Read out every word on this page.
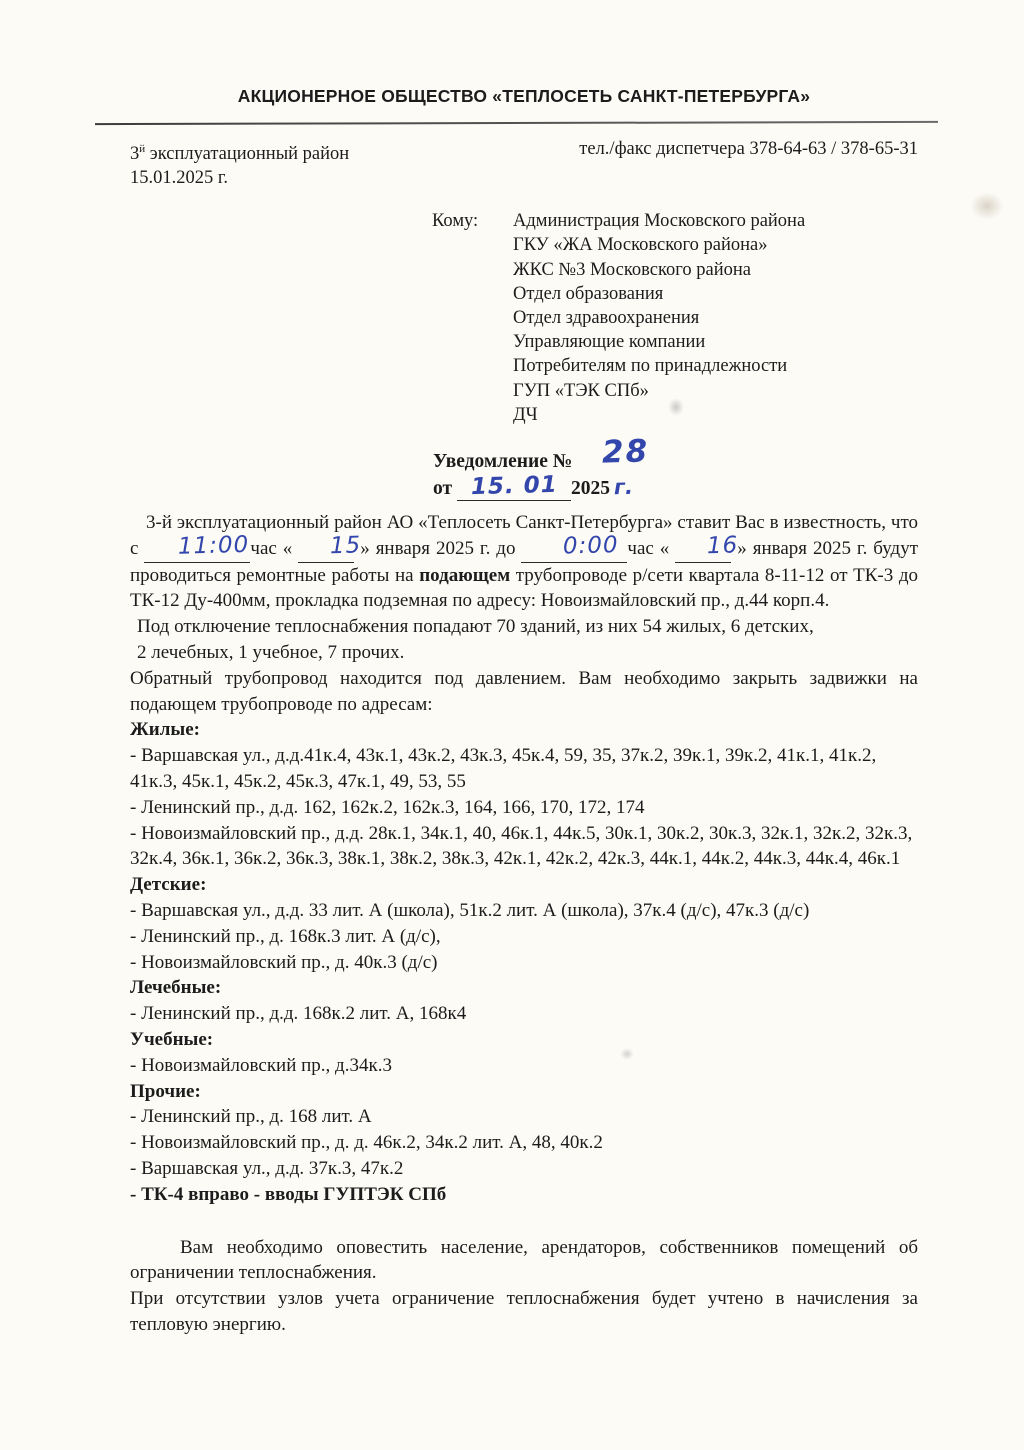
АКЦИОНЕРНОЕ ОБЩЕСТВО «ТЕПЛОСЕТЬ САНКТ-ПЕТЕРБУРГА»
$3^й$ эксплуатационный район
15.01.2025 г.
тел./факс диспетчера 378-64-63 / 378-65-31
Кому:	Администрация Московского района
ГКУ «ЖА Московского района»
ЖКС №3 Московского района
Отдел образования
Отдел здравоохранения
Управляющие компании
Потребителям по принадлежности
ГУП «ТЭК СПб»
ДЧ
Уведомление № 28
от 15. 01 2025 г.
3-й эксплуатационный район АО «Теплосеть Санкт-Петербурга» ставит Вас в известность, что с 11:00час « 15 » января 2025 г. до 0:00 час « 16 » января 2025 г. будут проводиться ремонтные работы на подающем трубопроводе р/сети квартала 8-11-12 от ТК-3 до ТК-12 Ду-400мм, прокладка подземная по адресу: Новоизмайловский пр., д.44 корп.4.
Под отключение теплоснабжения попадают 70 зданий, из них 54 жилых, 6 детских,
2 лечебных, 1 учебное, 7 прочих.
Обратный трубопровод находится под давлением. Вам необходимо закрыть задвижки на подающем трубопроводе по адресам:
Жилые:
- Варшавская ул., д.д.41к.4, 43к.1, 43к.2, 43к.3, 45к.4, 59, 35, 37к.2, 39к.1, 39к.2, 41к.1, 41к.2, 41к.3, 45к.1, 45к.2, 45к.3, 47к.1, 49, 53, 55
- Ленинский пр., д.д. 162, 162к.2, 162к.3, 164, 166, 170, 172, 174
- Новоизмайловский пр., д.д. 28к.1, 34к.1, 40, 46к.1, 44к.5, 30к.1, 30к.2, 30к.3, 32к.1, 32к.2, 32к.3, 32к.4, 36к.1, 36к.2, 36к.3, 38к.1, 38к.2, 38к.3, 42к.1, 42к.2, 42к.3, 44к.1, 44к.2, 44к.3, 44к.4, 46к.1
Детские:
- Варшавская ул., д.д. 33 лит. А (школа), 51к.2 лит. А (школа), 37к.4 (д/с), 47к.3 (д/с)
- Ленинский пр., д. 168к.3 лит. А (д/с),
- Новоизмайловский пр., д. 40к.3 (д/с)
Лечебные:
- Ленинский пр., д.д. 168к.2 лит. А, 168к4
Учебные:
- Новоизмайловский пр., д.34к.3
Прочие:
- Ленинский пр., д. 168 лит. А
- Новоизмайловский пр., д. д. 46к.2, 34к.2 лит. А, 48, 40к.2
- Варшавская ул., д.д. 37к.3, 47к.2
- ТК-4 вправо - вводы ГУПТЭК СПб
Вам необходимо оповестить население, арендаторов, собственников помещений об ограничении теплоснабжения.
При отсутствии узлов учета ограничение теплоснабжения будет учтено в начисления за тепловую энергию.
